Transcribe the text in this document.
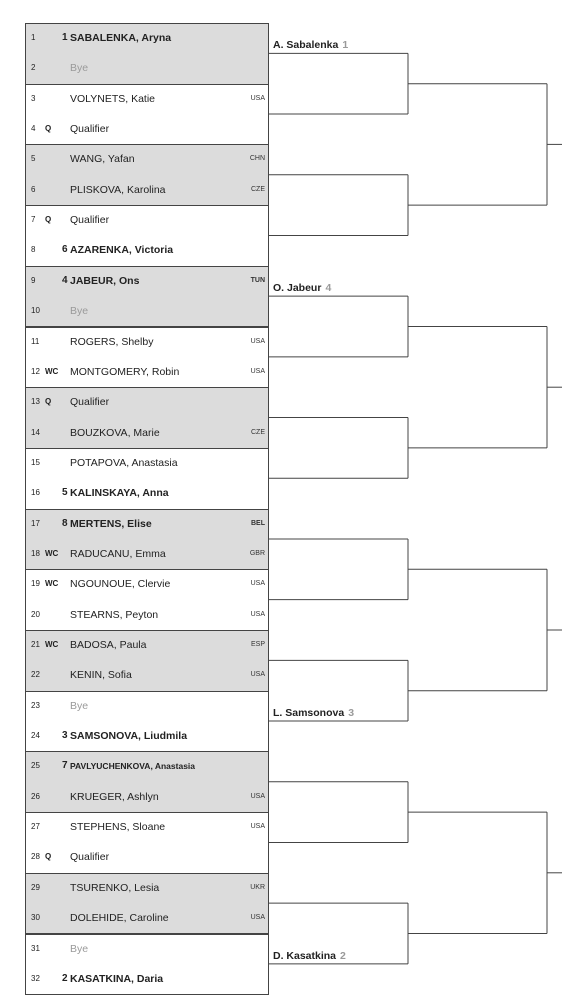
1	1 SABALENKA, Aryna
2	Bye
3	VOLYNETS, Katie	USA
4 Q Qualifier
5	WANG, Yafan	CHN
6	PLISKOVA, Karolina	CZE
7 Q Qualifier
8	6 AZARENKA, Victoria
9	4 JABEUR, Ons	TUN
10	Bye
11	ROGERS, Shelby	USA
12 WC MONTGOMERY, Robin	USA
13 Q Qualifier
14	BOUZKOVA, Marie	CZE
15	POTAPOVA, Anastasia
16 5 KALINSKAYA, Anna
17 8 MERTENS, Elise	BEL
18 WC RADUCANU, Emma	GBR
19 WC NGOUNOUE, Clervie	USA
20	STEARNS, Peyton	USA
21 WC BADOSA, Paula	ESP
22	KENIN, Sofia	USA
23	Bye
24 3 SAMSONOVA, Liudmila
25 7 PAVLYUCHENKOVA, Anastasia
26	KRUEGER, Ashlyn	USA
27	STEPHENS, Sloane	USA
28 Q Qualifier
29	TSURENKO, Lesia	UKR
30	DOLEHIDE, Caroline	USA
31	Bye
32 2 KASATKINA, Daria
A. Sabalenka 1
O. Jabeur 4
L. Samsonova 3
D. Kasatkina 2
